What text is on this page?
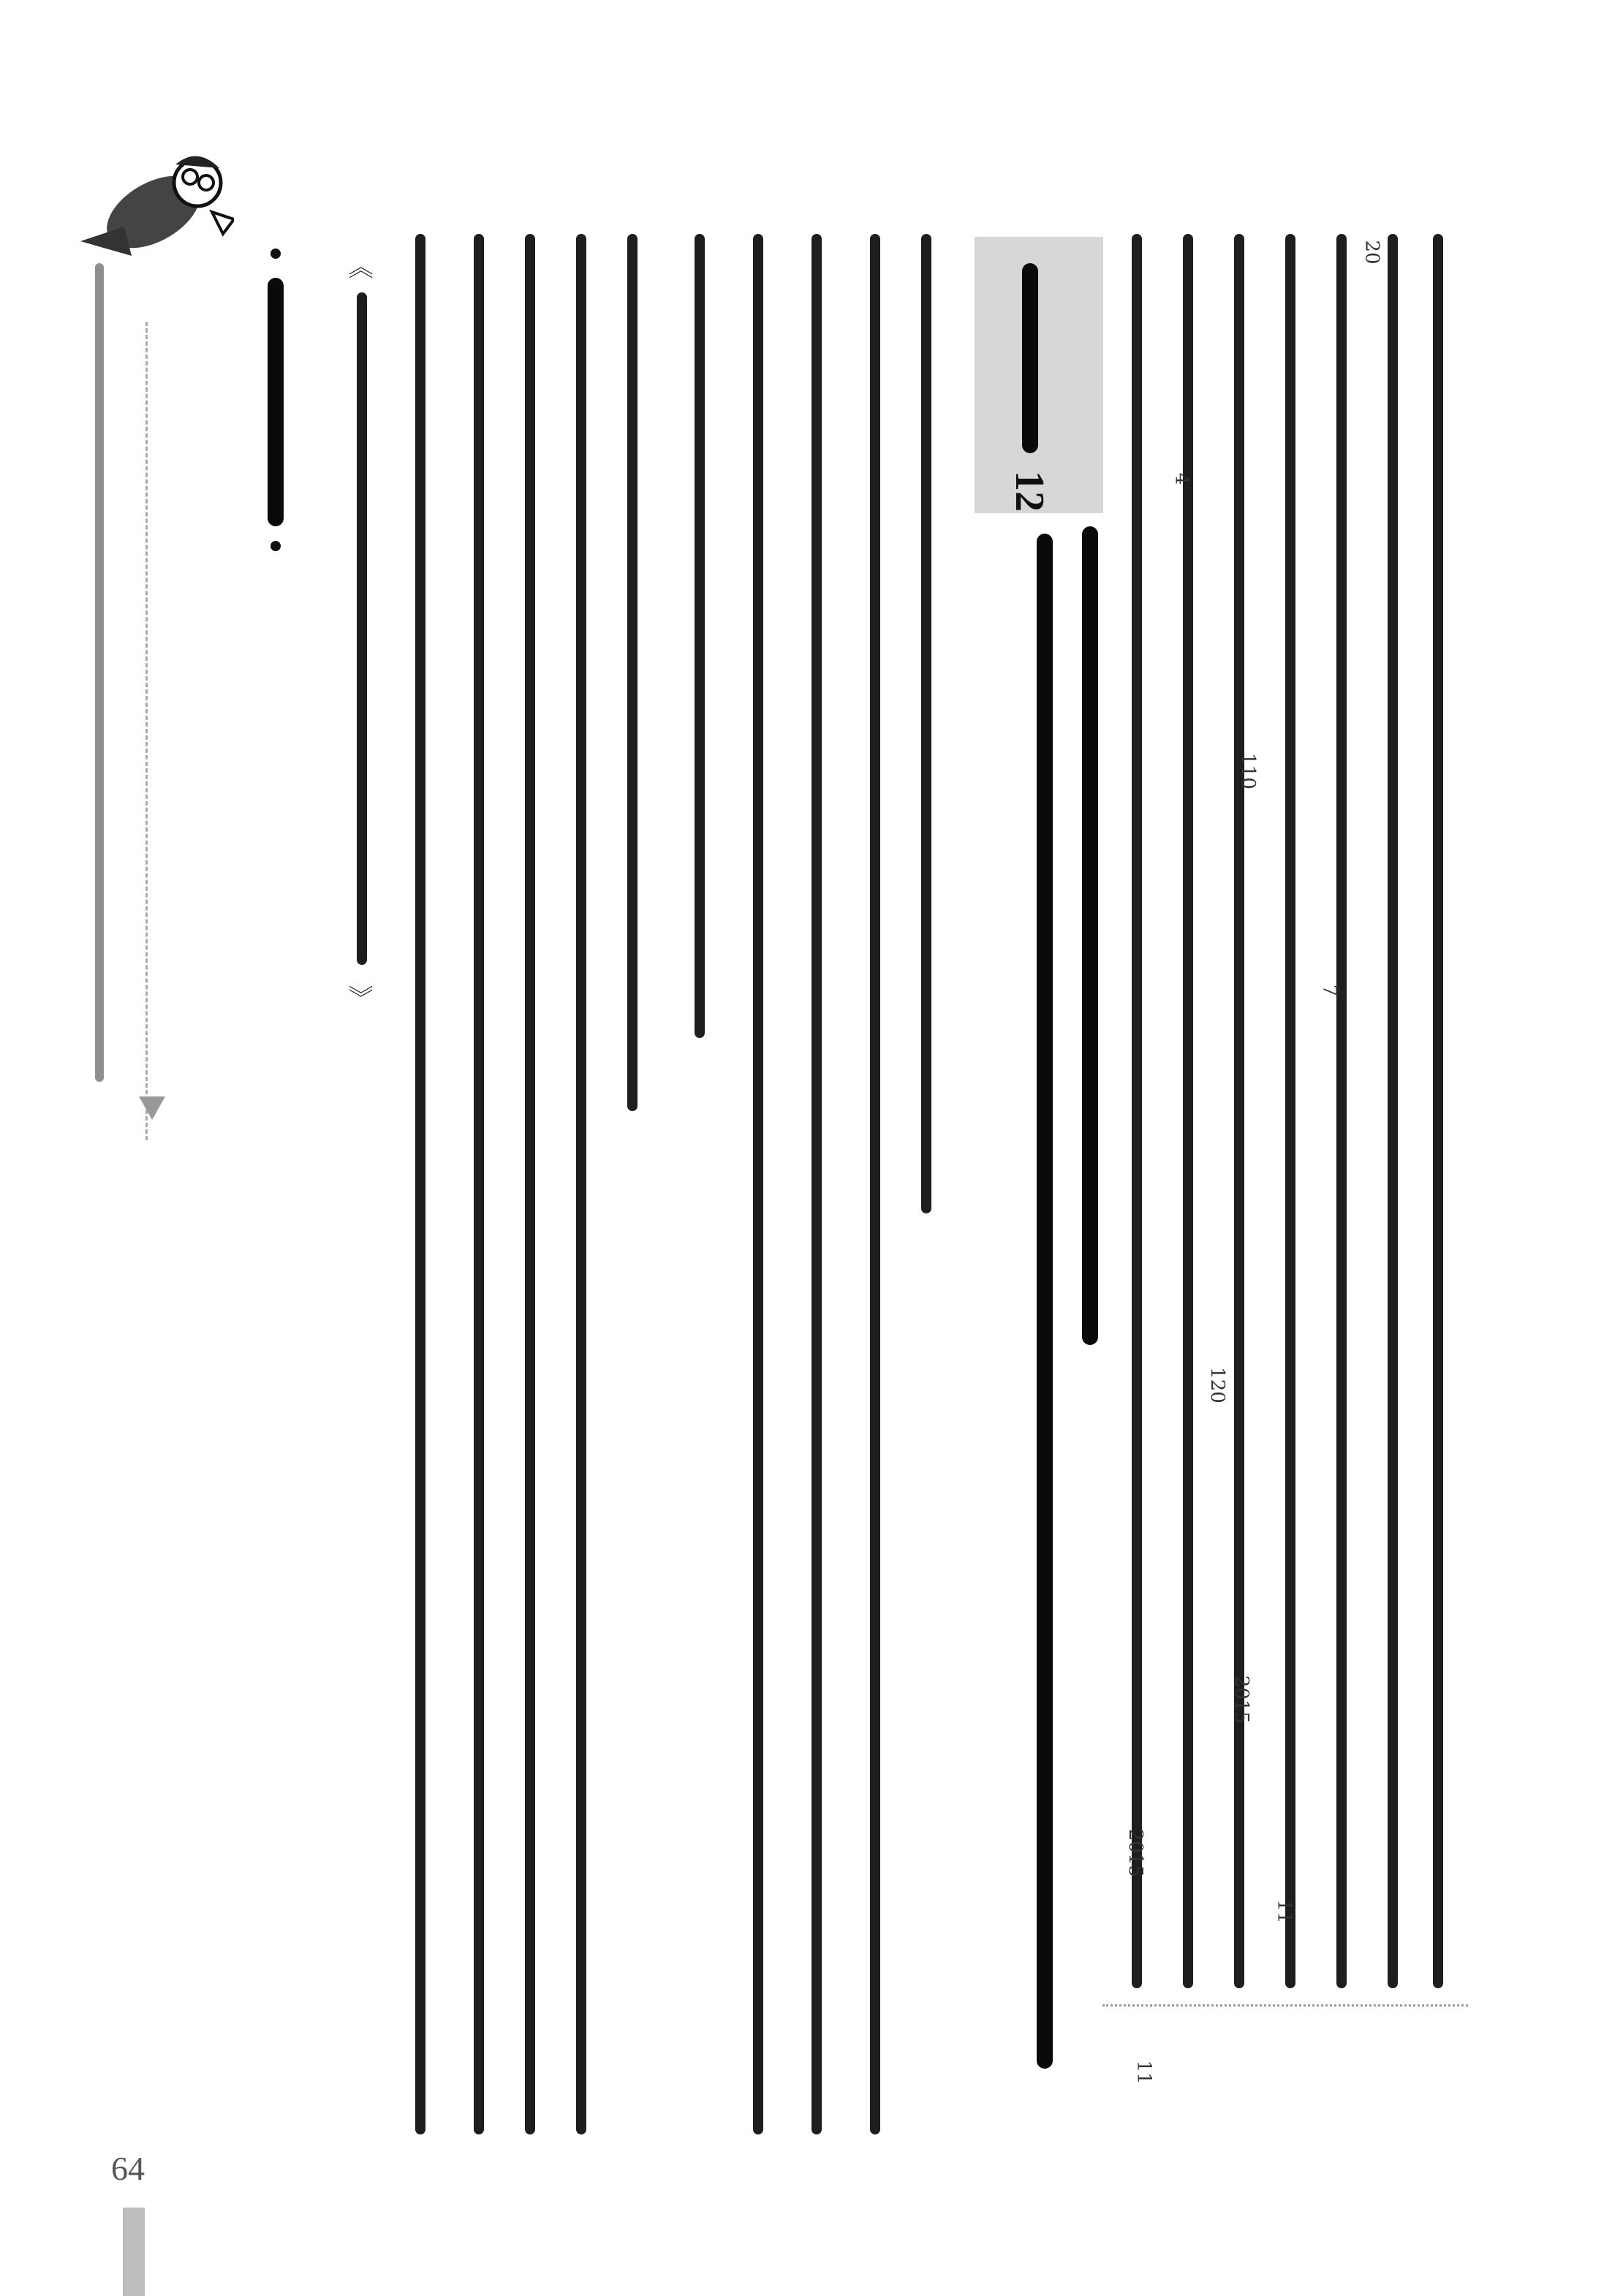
64
《
》
12
2015
2015
11
11
4
120
110
7
20
